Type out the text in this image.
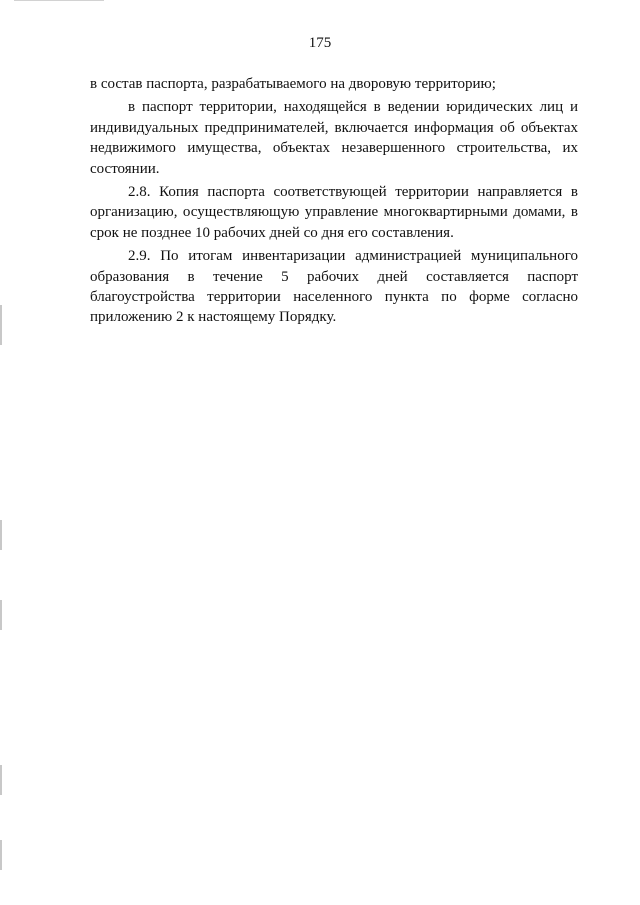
175

в состав паспорта, разрабатываемого на дворовую территорию;

в паспорт территории, находящейся в ведении юридических лиц и индивидуальных предпринимателей, включается информация об объектах недвижимого имущества, объектах незавершенного строительства, их состоянии.

2.8. Копия паспорта соответствующей территории направляется в организацию, осуществляющую управление многоквартирными домами, в срок не позднее 10 рабочих дней со дня его составления.

2.9. По итогам инвентаризации администрацией муниципального образования в течение 5 рабочих дней составляется паспорт благоустройства территории населенного пункта по форме согласно приложению 2 к настоящему Порядку.
